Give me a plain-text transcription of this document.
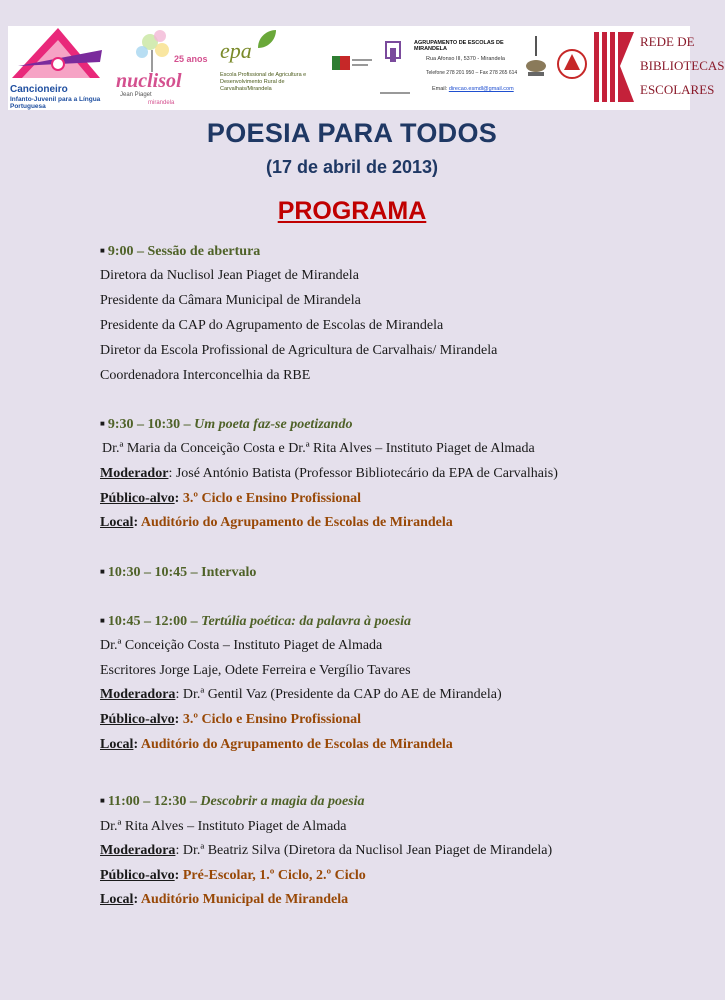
Cancioneiro
Infanto-Juvenil para a Língua Portuguesa
25 anos
nuclisol
Jean Piaget
mirandela
epa
Escola Profissional de Agricultura e
Desenvolvimento Rural de Carvalhais/Mirandela
AGRUPAMENTO DE ESCOLAS DE MIRANDELA
Rua Afonso III, 5370 - Mirandela
Telefone 278 201 950 – Fax 278 265 614
Email: direcao.esmdl@gmail.com
REDE DE
BIBLIOTECAS
ESCOLARES
POESIA PARA TODOS
(17 de abril de 2013)
PROGRAMA
■ 9:00 – Sessão de abertura
Diretora da Nuclisol Jean Piaget de Mirandela
Presidente da Câmara Municipal de Mirandela
Presidente da CAP do Agrupamento de Escolas de Mirandela
Diretor da Escola Profissional de Agricultura de Carvalhais/ Mirandela
Coordenadora Interconcelhia da RBE
■ 9:30 – 10:30 – Um poeta faz-se poetizando
Dr.ª Maria da Conceição Costa e Dr.ª Rita Alves – Instituto Piaget de Almada
Moderador: José António Batista (Professor Bibliotecário da EPA de Carvalhais)
Público-alvo: 3.º Ciclo e Ensino Profissional
Local: Auditório do Agrupamento de Escolas de Mirandela
■ 10:30 – 10:45 – Intervalo
■ 10:45 – 12:00 – Tertúlia poética: da palavra à poesia
Dr.ª Conceição Costa – Instituto Piaget de Almada
Escritores Jorge Laje, Odete Ferreira e Vergílio Tavares
Moderadora: Dr.ª Gentil Vaz (Presidente da CAP do AE de Mirandela)
Público-alvo: 3.º Ciclo e Ensino Profissional
Local: Auditório do Agrupamento de Escolas de Mirandela
■ 11:00 – 12:30 – Descobrir a magia da poesia
Dr.ª Rita Alves – Instituto Piaget de Almada
Moderadora: Dr.ª Beatriz Silva (Diretora da Nuclisol Jean Piaget de Mirandela)
Público-alvo: Pré-Escolar, 1.º Ciclo, 2.º Ciclo
Local: Auditório Municipal de Mirandela
